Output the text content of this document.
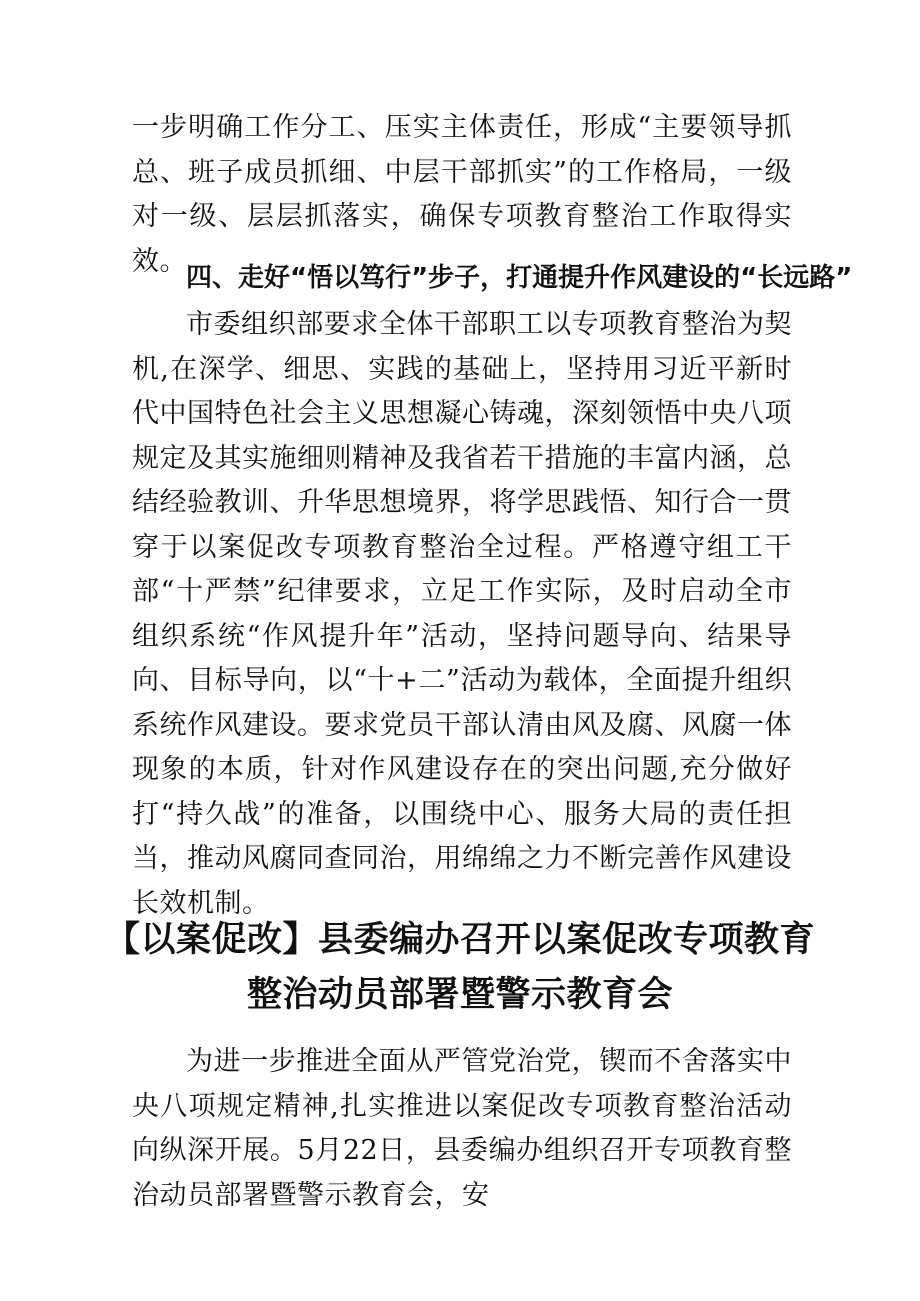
一步明确工作分工、压实主体责任，形成“主要领导抓总、班子成员抓细、中层干部抓实”的工作格局，一级对一级、层层抓落实，确保专项教育整治工作取得实效。

四、走好“悟以笃行”步子，打通提升作风建设的“长远路”

市委组织部要求全体干部职工以专项教育整治为契机,在深学、细思、实践的基础上，坚持用习近平新时代中国特色社会主义思想凝心铸魂，深刻领悟中央八项规定及其实施细则精神及我省若干措施的丰富内涵，总结经验教训、升华思想境界，将学思践悟、知行合一贯穿于以案促改专项教育整治全过程。严格遵守组工干部“十严禁”纪律要求，立足工作实际，及时启动全市组织系统“作风提升年”活动，坚持问题导向、结果导向、目标导向，以“十+二”活动为载体，全面提升组织系统作风建设。要求党员干部认清由风及腐、风腐一体现象的本质，针对作风建设存在的突出问题,充分做好打“持久战”的准备，以围绕中心、服务大局的责任担当，推动风腐同查同治，用绵绵之力不断完善作风建设长效机制。

【以案促改】县委编办召开以案促改专项教育
整治动员部署暨警示教育会

为进一步推进全面从严管党治党，锲而不舍落实中央八项规定精神,扎实推进以案促改专项教育整治活动向纵深开展。5月22日，县委编办组织召开专项教育整治动员部署暨警示教育会，安
